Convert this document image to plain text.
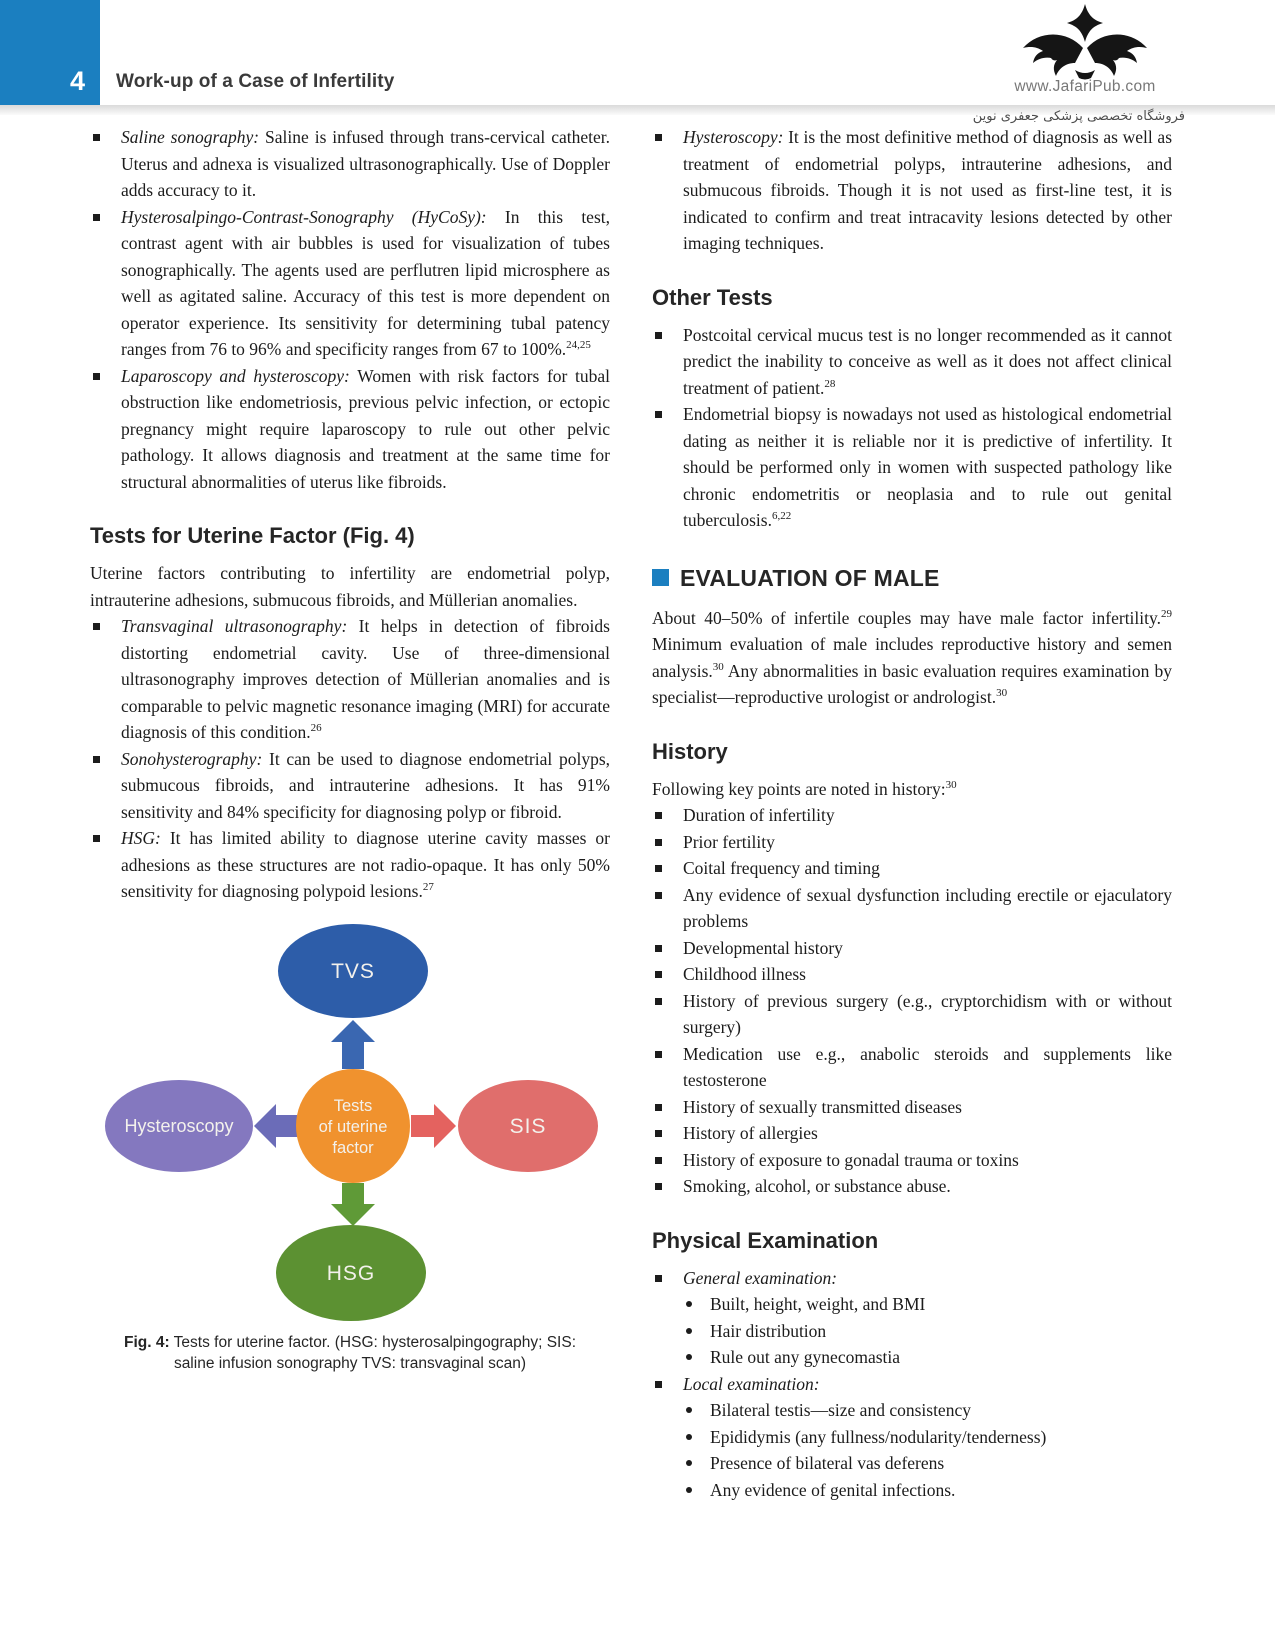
4 Work-up of a Case of Infertility	www.JafariPub.com
فروشگاه تخصصی پزشکی جعفری نوین
Saline sonography: Saline is infused through trans-cervical catheter. Uterus and adnexa is visualized ultrasonographically. Use of Doppler adds accuracy to it.
Hysterosalpingo-Contrast-Sonography (HyCoSy): In this test, contrast agent with air bubbles is used for visualization of tubes sonographically. The agents used are perflutren lipid microsphere as well as agitated saline. Accuracy of this test is more dependent on operator experience. Its sensitivity for determining tubal patency ranges from 76 to 96% and specificity ranges from 67 to 100%.$^{24,25}$
Laparoscopy and hysteroscopy: Women with risk factors for tubal obstruction like endometriosis, previous pelvic infection, or ectopic pregnancy might require laparoscopy to rule out other pelvic pathology. It allows diagnosis and treatment at the same time for structural abnormalities of uterus like fibroids.
Tests for Uterine Factor (Fig. 4)

Uterine factors contributing to infertility are endometrial polyp, intrauterine adhesions, submucous fibroids, and Müllerian anomalies.

Transvaginal ultrasonography: It helps in detection of fibroids distorting endometrial cavity. Use of three-dimensional ultrasonography improves detection of Müllerian anomalies and is comparable to pelvic magnetic resonance imaging (MRI) for accurate diagnosis of this condition.$^{26}$
Sonohysterography: It can be used to diagnose endometrial polyps, submucous fibroids, and intrauterine adhesions. It has 91% sensitivity and 84% specificity for diagnosing polyp or fibroid.
HSG: It has limited ability to diagnose uterine cavity masses or adhesions as these structures are not radio-opaque. It has only 50% sensitivity for diagnosing polypoid lesions.$^{27}$
TVS
Hysteroscopy	SIS
HSG
Tests
of uterine
factor

Fig. 4: Tests for uterine factor. (HSG: hysterosalpingography; SIS: saline infusion sonography TVS: transvaginal scan)

Hysteroscopy: It is the most definitive method of diagnosis as well as treatment of endometrial polyps, intrauterine adhesions, and submucous fibroids. Though it is not used as first-line test, it is indicated to confirm and treat intracavity lesions detected by other imaging techniques.
Other Tests
Postcoital cervical mucus test is no longer recommended as it cannot predict the inability to conceive as well as it does not affect clinical treatment of patient.$^{28}$
Endometrial biopsy is nowadays not used as histological endometrial dating as neither it is reliable nor it is predictive of infertility. It should be performed only in women with suspected pathology like chronic endometritis or neoplasia and to rule out genital tuberculosis.$^{6,22}$
EVALUATION OF MALE

About 40–50% of infertile couples may have male factor infertility.$^{29}$ Minimum evaluation of male includes reproductive history and semen analysis.$^{30}$ Any abnormalities in basic evaluation requires examination by specialist—reproductive urologist or andrologist.$^{30}$

History

Following key points are noted in history:$^{30}$

Duration of infertility
Prior fertility
Coital frequency and timing
Any evidence of sexual dysfunction including erectile or ejaculatory problems
Developmental history
Childhood illness
History of previous surgery (e.g., cryptorchidism with or without surgery)
Medication use e.g., anabolic steroids and supplements like testosterone
History of sexually transmitted diseases
History of allergies
History of exposure to gonadal trauma or toxins
Smoking, alcohol, or substance abuse.
Physical Examination
General examination:
Built, height, weight, and BMI
Hair distribution
Rule out any gynecomastia
Local examination:
Bilateral testis—size and consistency
Epididymis (any fullness/nodularity/tenderness)
Presence of bilateral vas deferens
Any evidence of genital infections.
